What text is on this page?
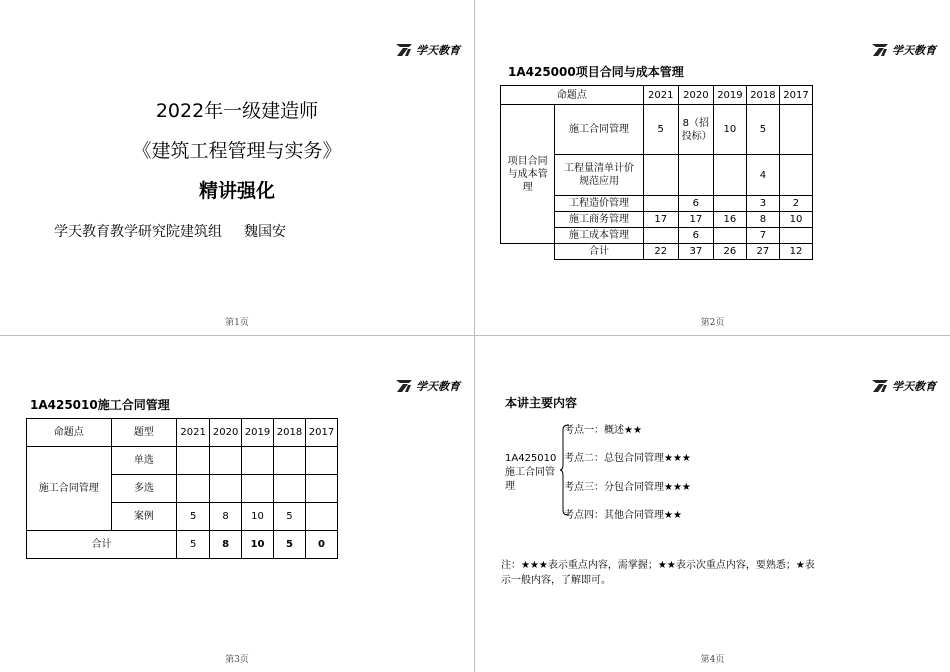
学天教育
2022年一级建造师
《建筑工程管理与实务》
精讲强化
学天教育教学研究院建筑组 魏国安
第1页
学天教育
1A425000项目合同与成本管理
命题点		2021	2020	2019	2018	2017
项目合同与成本管理	施工合同管理	5	8（招投标）	10	5	
	工程量清单计价规范应用				4	
	工程造价管理		6		3	2
	施工商务管理	17	17	16	8	10
	施工成本管理		6		7	
	合计	22	37	26	27	12
第2页
学天教育
1A425010施工合同管理
命题点	题型	2021	2020	2019	2018	2017
施工合同管理	单选					
	多选					
	案例	5	8	10	5	
合计		5	8	10	5	0
第3页
学天教育
本讲主要内容
1A425010施工合同管理
考点一：概述★★
考点二：总包合同管理★★★
考点三：分包合同管理★★★
考点四：其他合同管理★★
注：★★★表示重点内容，需掌握；★★表示次重点内容，要熟悉；★表示一般内容，了解即可。
第4页
